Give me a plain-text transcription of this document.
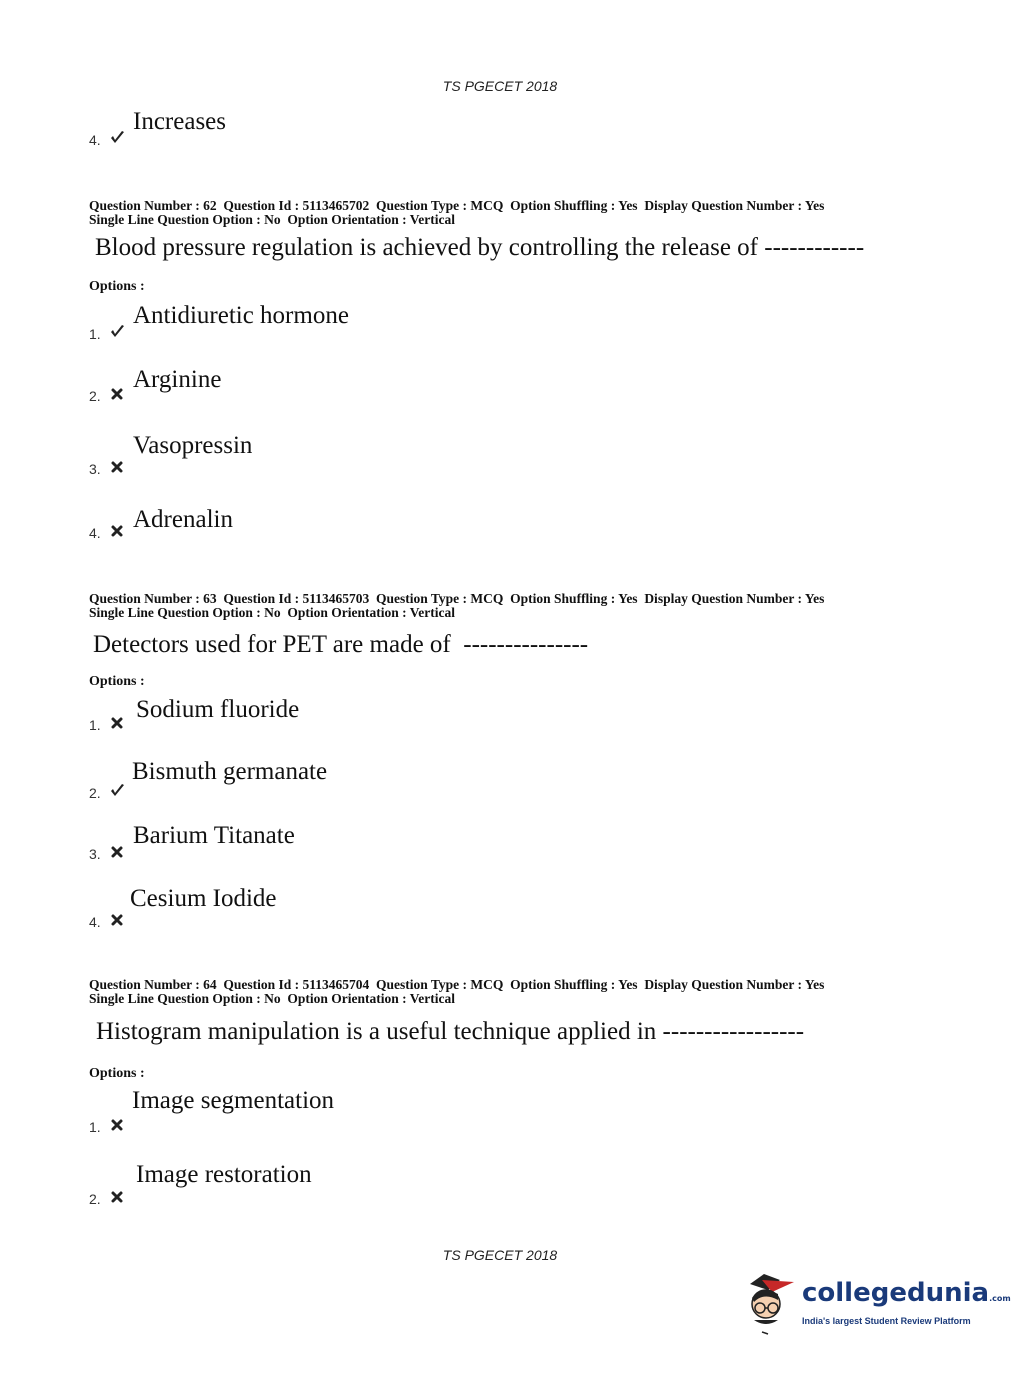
TS PGECET 2018
4.
Increases
Question Number : 62  Question Id : 5113465702  Question Type : MCQ  Option Shuffling : Yes  Display Question Number : Yes
Single Line Question Option : No  Option Orientation : Vertical
Blood pressure regulation is achieved by controlling the release of ------------
Options :
1.
Antidiuretic hormone
2.
Arginine
3.
Vasopressin
4. Adrenalin
Question Number : 63  Question Id : 5113465703  Question Type : MCQ  Option Shuffling : Yes  Display Question Number : Yes
Single Line Question Option : No  Option Orientation : Vertical
Detectors used for PET are made of  ---------------
Options :
1.
Sodium fluoride
2.
Bismuth germanate
3.
Barium Titanate
4.
Cesium Iodide
Question Number : 64  Question Id : 5113465704  Question Type : MCQ  Option Shuffling : Yes  Display Question Number : Yes
Single Line Question Option : No  Option Orientation : Vertical
Histogram manipulation is a useful technique applied in -----------------
Options :
1.
Image segmentation
2.
Image restoration
TS PGECET 2018
collegedunia.com
India's largest Student Review Platform
